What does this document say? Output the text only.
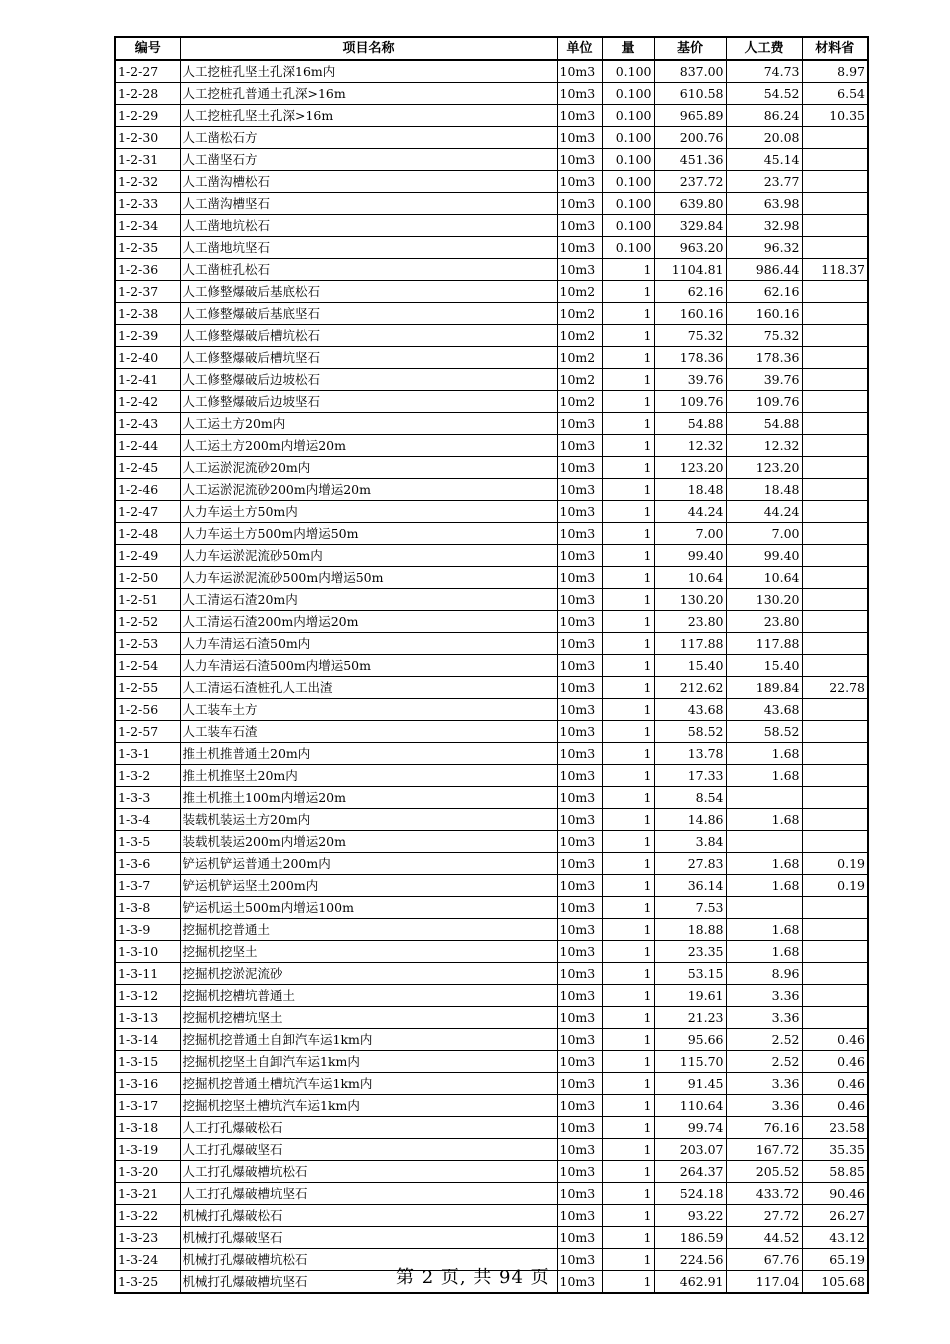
编号	项目名称	单位	量	基价	人工费	材料省
1-2-27	人工挖桩孔坚土孔深16m内	10m3	0.100	837.00	74.73	8.97
1-2-28	人工挖桩孔普通土孔深>16m	10m3	0.100	610.58	54.52	6.54
1-2-29	人工挖桩孔坚土孔深>16m	10m3	0.100	965.89	86.24	10.35
1-2-30	人工凿松石方	10m3	0.100	200.76	20.08	
1-2-31	人工凿坚石方	10m3	0.100	451.36	45.14	
1-2-32	人工凿沟槽松石	10m3	0.100	237.72	23.77	
1-2-33	人工凿沟槽坚石	10m3	0.100	639.80	63.98	
1-2-34	人工凿地坑松石	10m3	0.100	329.84	32.98	
1-2-35	人工凿地坑坚石	10m3	0.100	963.20	96.32	
1-2-36	人工凿桩孔松石	10m3	1	1104.81	986.44	118.37
1-2-37	人工修整爆破后基底松石	10m2	1	62.16	62.16	
1-2-38	人工修整爆破后基底坚石	10m2	1	160.16	160.16	
1-2-39	人工修整爆破后槽坑松石	10m2	1	75.32	75.32	
1-2-40	人工修整爆破后槽坑坚石	10m2	1	178.36	178.36	
1-2-41	人工修整爆破后边坡松石	10m2	1	39.76	39.76	
1-2-42	人工修整爆破后边坡坚石	10m2	1	109.76	109.76	
1-2-43	人工运土方20m内	10m3	1	54.88	54.88	
1-2-44	人工运土方200m内增运20m	10m3	1	12.32	12.32	
1-2-45	人工运淤泥流砂20m内	10m3	1	123.20	123.20	
1-2-46	人工运淤泥流砂200m内增运20m	10m3	1	18.48	18.48	
1-2-47	人力车运土方50m内	10m3	1	44.24	44.24	
1-2-48	人力车运土方500m内增运50m	10m3	1	7.00	7.00	
1-2-49	人力车运淤泥流砂50m内	10m3	1	99.40	99.40	
1-2-50	人力车运淤泥流砂500m内增运50m	10m3	1	10.64	10.64	
1-2-51	人工清运石渣20m内	10m3	1	130.20	130.20	
1-2-52	人工清运石渣200m内增运20m	10m3	1	23.80	23.80	
1-2-53	人力车清运石渣50m内	10m3	1	117.88	117.88	
1-2-54	人力车清运石渣500m内增运50m	10m3	1	15.40	15.40	
1-2-55	人工清运石渣桩孔人工出渣	10m3	1	212.62	189.84	22.78
1-2-56	人工装车土方	10m3	1	43.68	43.68	
1-2-57	人工装车石渣	10m3	1	58.52	58.52	
1-3-1	推土机推普通土20m内	10m3	1	13.78	1.68	
1-3-2	推土机推坚土20m内	10m3	1	17.33	1.68	
1-3-3	推土机推土100m内增运20m	10m3	1	8.54		
1-3-4	装载机装运土方20m内	10m3	1	14.86	1.68	
1-3-5	装载机装运200m内增运20m	10m3	1	3.84		
1-3-6	铲运机铲运普通土200m内	10m3	1	27.83	1.68	0.19
1-3-7	铲运机铲运坚土200m内	10m3	1	36.14	1.68	0.19
1-3-8	铲运机运土500m内增运100m	10m3	1	7.53		
1-3-9	挖掘机挖普通土	10m3	1	18.88	1.68	
1-3-10	挖掘机挖坚土	10m3	1	23.35	1.68	
1-3-11	挖掘机挖淤泥流砂	10m3	1	53.15	8.96	
1-3-12	挖掘机挖槽坑普通土	10m3	1	19.61	3.36	
1-3-13	挖掘机挖槽坑坚土	10m3	1	21.23	3.36	
1-3-14	挖掘机挖普通土自卸汽车运1km内	10m3	1	95.66	2.52	0.46
1-3-15	挖掘机挖坚土自卸汽车运1km内	10m3	1	115.70	2.52	0.46
1-3-16	挖掘机挖普通土槽坑汽车运1km内	10m3	1	91.45	3.36	0.46
1-3-17	挖掘机挖坚土槽坑汽车运1km内	10m3	1	110.64	3.36	0.46
1-3-18	人工打孔爆破松石	10m3	1	99.74	76.16	23.58
1-3-19	人工打孔爆破坚石	10m3	1	203.07	167.72	35.35
1-3-20	人工打孔爆破槽坑松石	10m3	1	264.37	205.52	58.85
1-3-21	人工打孔爆破槽坑坚石	10m3	1	524.18	433.72	90.46
1-3-22	机械打孔爆破松石	10m3	1	93.22	27.72	26.27
1-3-23	机械打孔爆破坚石	10m3	1	186.59	44.52	43.12
1-3-24	机械打孔爆破槽坑松石	10m3	1	224.56	67.76	65.19
1-3-25	机械打孔爆破槽坑坚石	10m3	1	462.91	117.04	105.68
第 2 页, 共 94 页
